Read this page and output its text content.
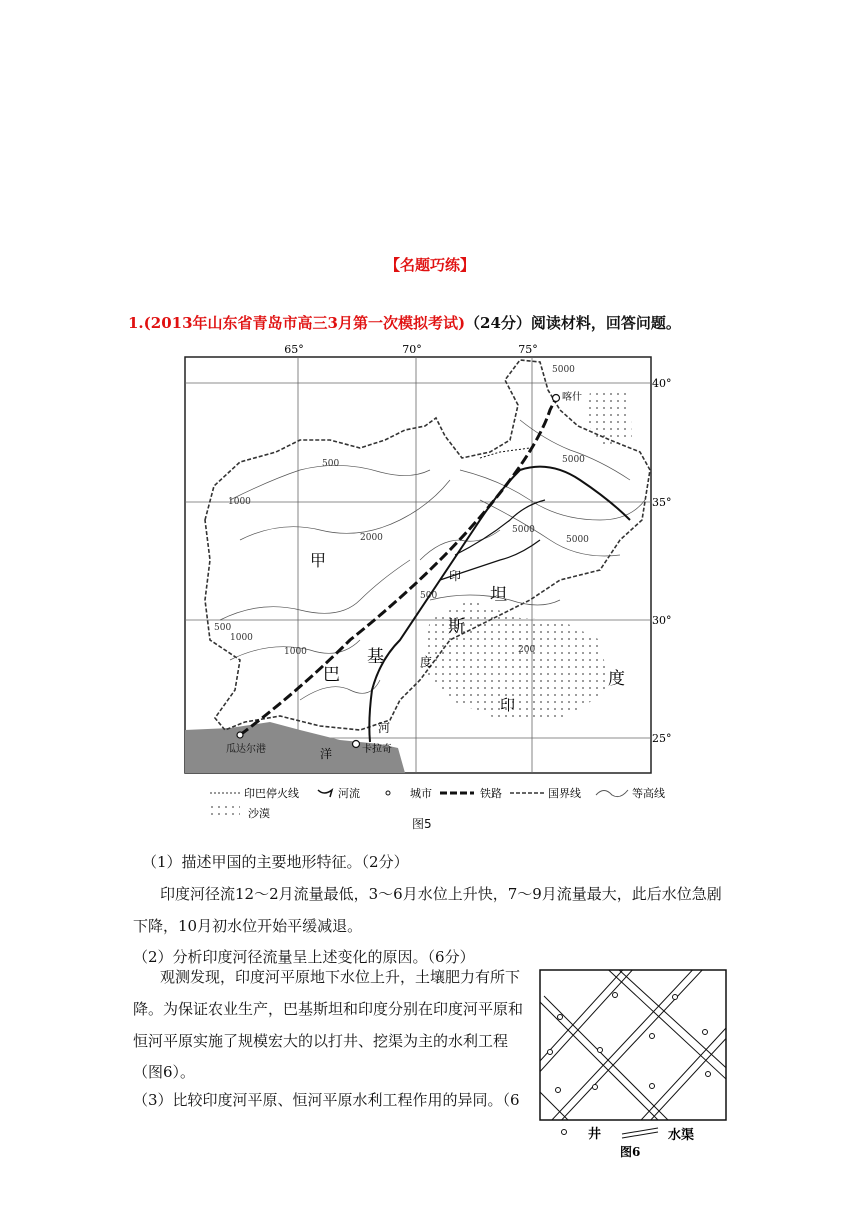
【名题巧练】
1.(2013年山东省青岛市高三3月第一次模拟考试)（24分）阅读材料，回答问题。
65°	70°	75°
40°
35°
30°
25°
5000
500
1000
2000
500
1000
500
5000
5000
1000
200
5000
甲
巴
基
斯
坦
度
印
度
河
印
喀什
卡拉奇
瓜达尔港	洋
印巴停火线	河流	城市	铁路	国界线	等高线
沙漠
图5
（1）描述甲国的主要地形特征。（2分）
印度河径流12～2月流量最低，3～6月水位上升快，7～9月流量最大，此后水位急剧
下降，10月初水位开始平缓减退。
（2）分析印度河径流量呈上述变化的原因。（6分）
观测发现，印度河平原地下水位上升，土壤肥力有所下
降。为保证农业生产，巴基斯坦和印度分别在印度河平原和
恒河平原实施了规模宏大的以打井、挖渠为主的水利工程
（图6）。
（3）比较印度河平原、恒河平原水利工程作用的异同。（6
井	水渠
图6
